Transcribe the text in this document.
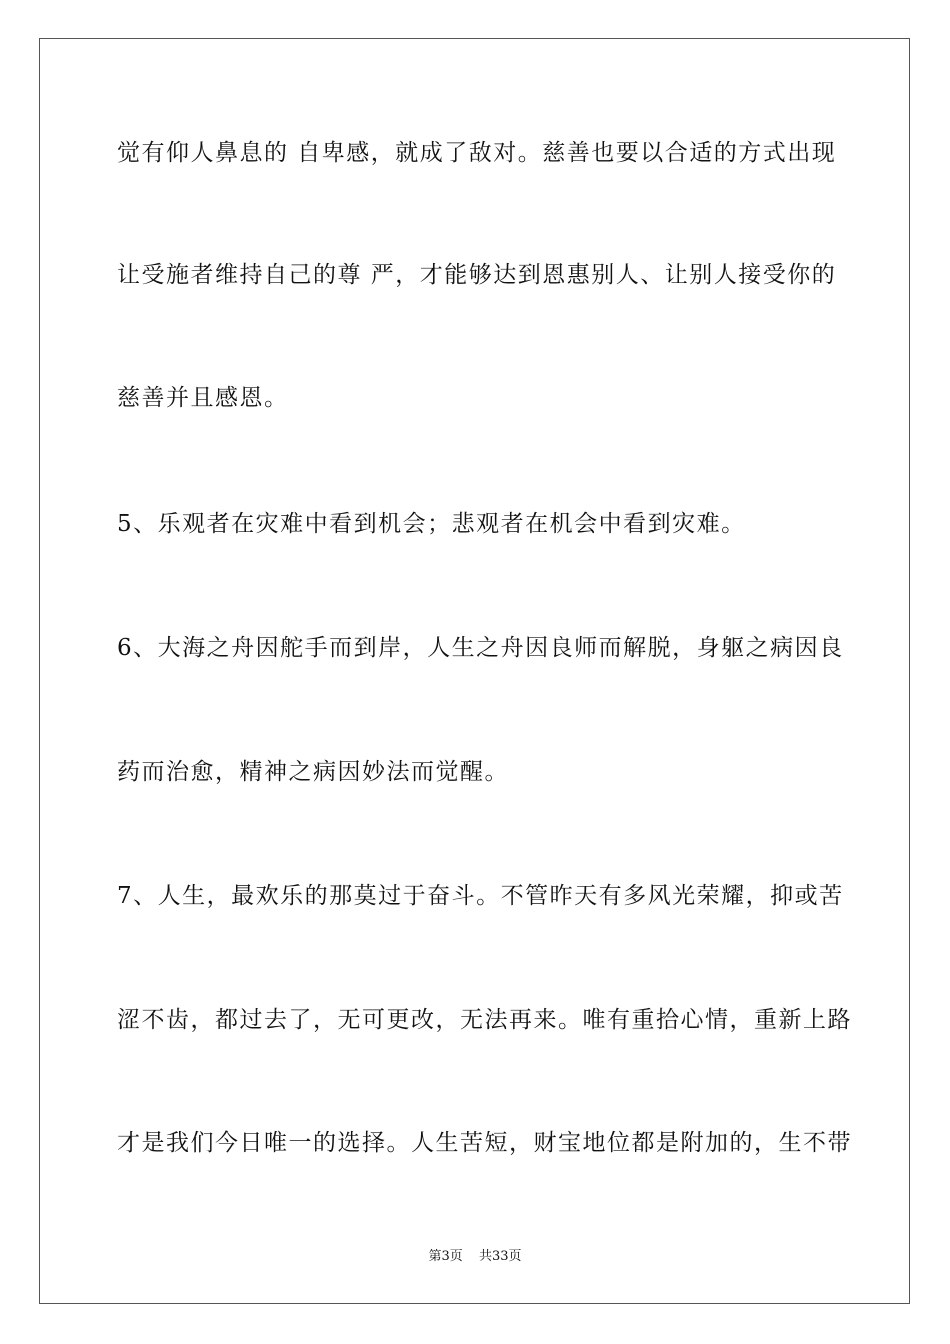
觉有仰人鼻息的 自卑感，就成了敌对。慈善也要以合适的方式出现
让受施者维持自己的尊 严，才能够达到恩惠别人、让别人接受你的
慈善并且感恩。
5、乐观者在灾难中看到机会；悲观者在机会中看到灾难。
6、大海之舟因舵手而到岸，人生之舟因良师而解脱，身躯之病因良
药而治愈，精神之病因妙法而觉醒。
7、人生，最欢乐的那莫过于奋斗。不管昨天有多风光荣耀，抑或苦
涩不齿，都过去了，无可更改，无法再来。唯有重拾心情，重新上路
才是我们今日唯一的选择。人生苦短，财宝地位都是附加的，生不带
第3页 共33页
